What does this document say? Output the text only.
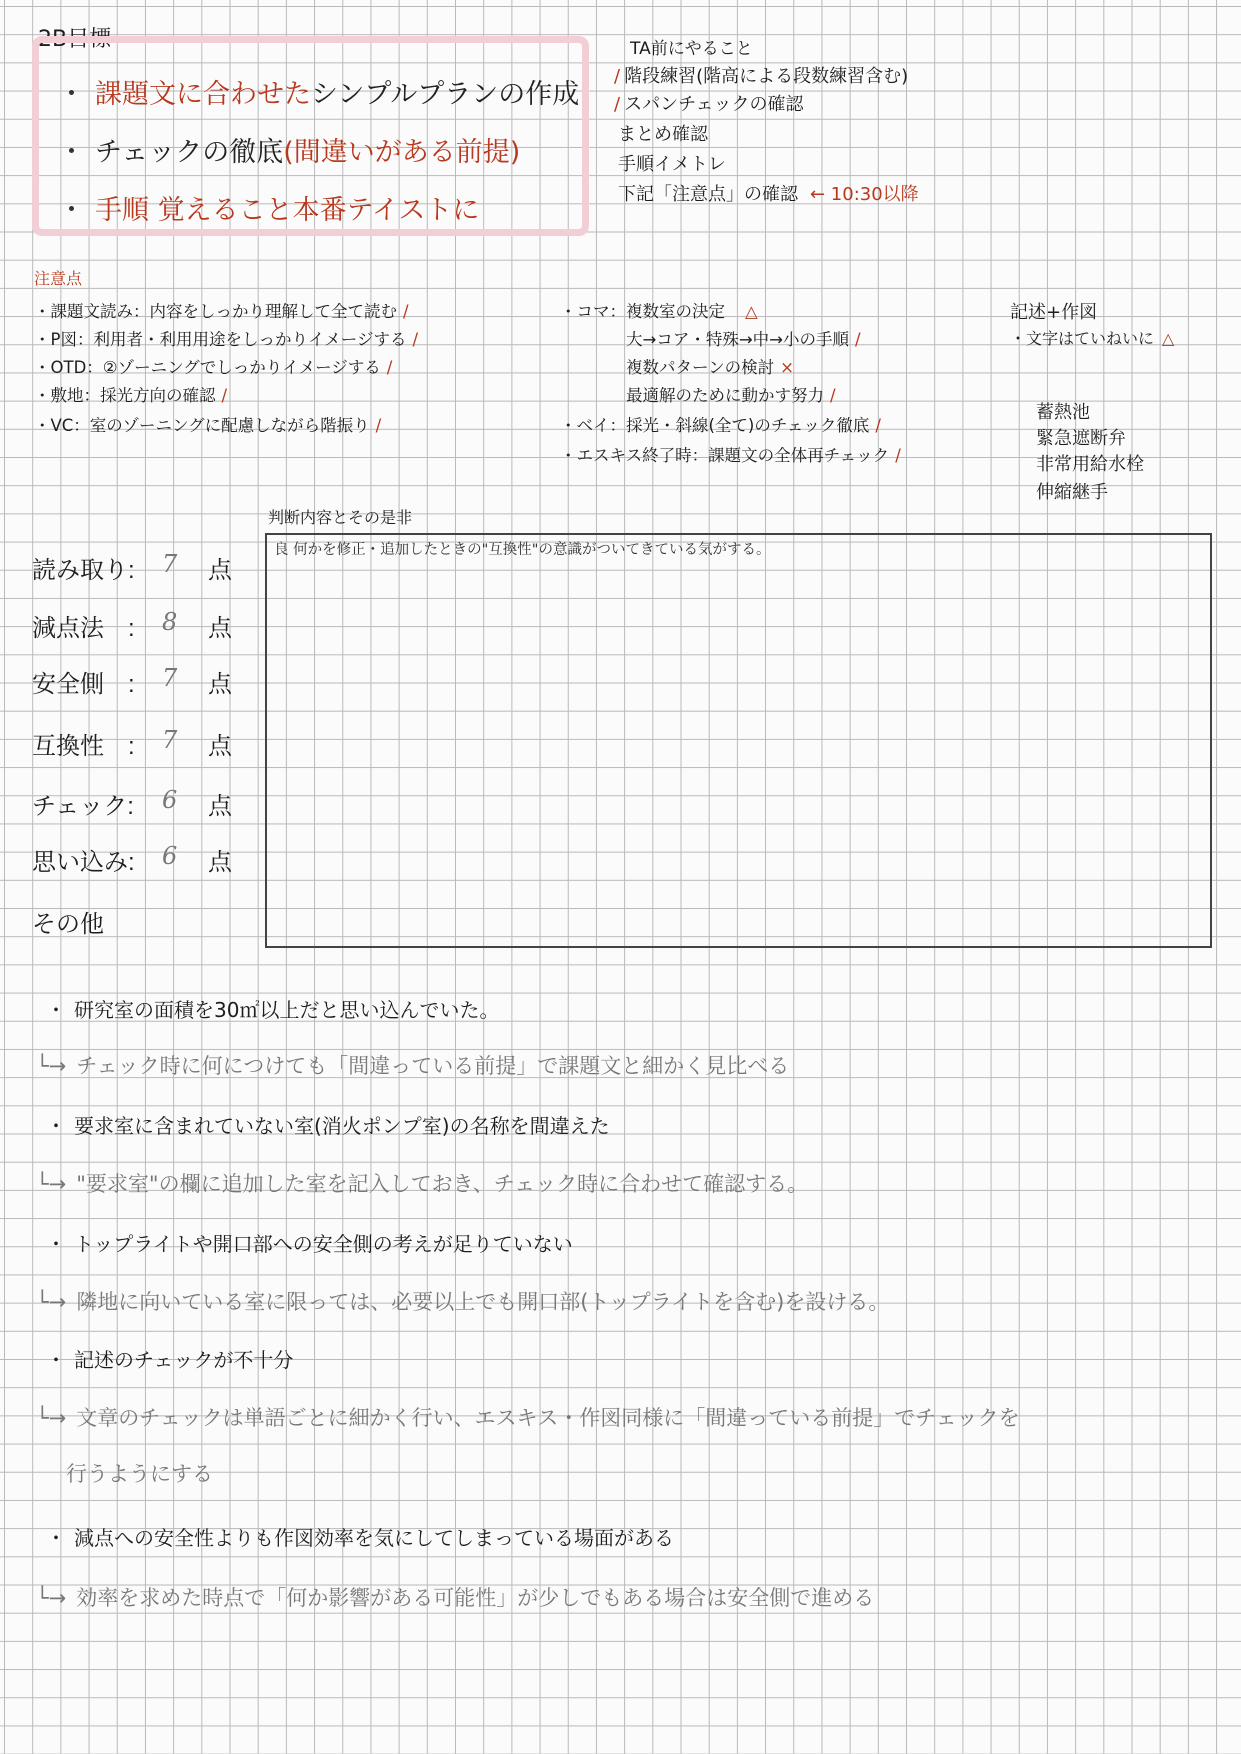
2B目標
・ 課題文に合わせたシンプルプランの作成
・ チェックの徹底(間違いがある前提)
・ 手順 覚えること本番テイストに
TA前にやること
/ 階段練習(階高による段数練習含む)
/ スパンチェックの確認
まとめ確認
手順イメトレ
下記「注意点」の確認 ← 10:30以降
注意点
・課題文読み：内容をしっかり理解して全て読む /
・P図：利用者・利用用途をしっかりイメージする /
・OTD：②ゾーニングでしっかりイメージする /
・敷地：採光方向の確認 /
・VC：室のゾーニングに配慮しながら階振り /
・コマ：複数室の決定 △
大→コア・特殊→中→小の手順 /
複数パターンの検討 ×
最適解のために動かす努力 /
・ベイ：採光・斜線(全て)のチェック徹底 /
・エスキス終了時：課題文の全体再チェック /
記述+作図
・文字はていねいに △
蓄熱池
緊急遮断弁
非常用給水栓
伸縮継手
判断内容とその是非
良 何かを修正・追加したときの"互換性"の意識がついてきている気がする。
読み取り: 7 点
減点法　: 8 点
安全側　: 7 点
互換性　: 7 点
チェック: 6 点
思い込み: 6 点
その他
・ 研究室の面積を30㎡以上だと思い込んでいた。
└→ チェック時に何につけても「間違っている前提」で課題文と細かく見比べる
・ 要求室に含まれていない室(消火ポンプ室)の名称を間違えた
└→ "要求室"の欄に追加した室を記入しておき、チェック時に合わせて確認する。
・ トップライトや開口部への安全側の考えが足りていない
└→ 隣地に向いている室に限っては、必要以上でも開口部(トップライトを含む)を設ける。
・ 記述のチェックが不十分
└→ 文章のチェックは単語ごとに細かく行い、エスキス・作図同様に「間違っている前提」でチェックを
行うようにする
・ 減点への安全性よりも作図効率を気にしてしまっている場面がある
└→ 効率を求めた時点で「何か影響がある可能性」が少しでもある場合は安全側で進める
